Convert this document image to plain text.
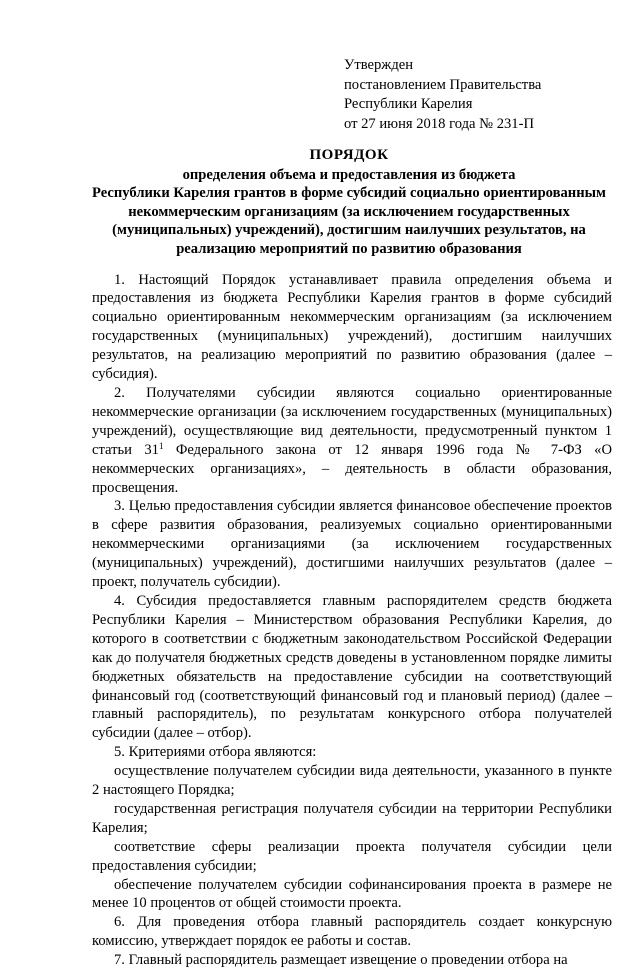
Утвержден
постановлением Правительства
Республики Карелия
от 27 июня 2018 года № 231-П
ПОРЯДОК
определения объема и предоставления из бюджета
Республики Карелия грантов в форме субсидий социально ориентированным
некоммерческим организациям (за исключением государственных
(муниципальных) учреждений), достигшим наилучших результатов, на
реализацию мероприятий по развитию образования

1. Настоящий Порядок устанавливает правила определения объема и предоставления из бюджета Республики Карелия грантов в форме субсидий социально ориентированным некоммерческим организациям (за исключением государственных (муниципальных) учреждений), достигшим наилучших результатов, на реализацию мероприятий по развитию образования (далее – субсидия).

2. Получателями субсидии являются социально ориентированные некоммерческие организации (за исключением государственных (муниципальных) учреждений), осуществляющие вид деятельности, предусмотренный пунктом 1 статьи $31^1$ Федерального закона от 12 января 1996 года № 7-ФЗ «О некоммерческих организациях», – деятельность в области образования, просвещения.

3. Целью предоставления субсидии является финансовое обеспечение проектов в сфере развития образования, реализуемых социально ориентированными некоммерческими организациями (за исключением государственных (муниципальных) учреждений), достигшими наилучших результатов (далее – проект, получатель субсидии).

4. Субсидия предоставляется главным распорядителем средств бюджета Республики Карелия – Министерством образования Республики Карелия, до которого в соответствии с бюджетным законодательством Российской Федерации как до получателя бюджетных средств доведены в установленном порядке лимиты бюджетных обязательств на предоставление субсидии на соответствующий финансовый год (соответствующий финансовый год и плановый период) (далее – главный распорядитель), по результатам конкурсного отбора получателей субсидии (далее – отбор).

5. Критериями отбора являются:

осуществление получателем субсидии вида деятельности, указанного в пункте 2 настоящего Порядка;

государственная регистрация получателя субсидии на территории Республики Карелия;

соответствие сферы реализации проекта получателя субсидии цели предоставления субсидии;

обеспечение получателем субсидии софинансирования проекта в размере не менее 10 процентов от общей стоимости проекта.

6. Для проведения отбора главный распорядитель создает конкурсную комиссию, утверждает порядок ее работы и состав.

7. Главный распорядитель размещает извещение о проведении отбора на
